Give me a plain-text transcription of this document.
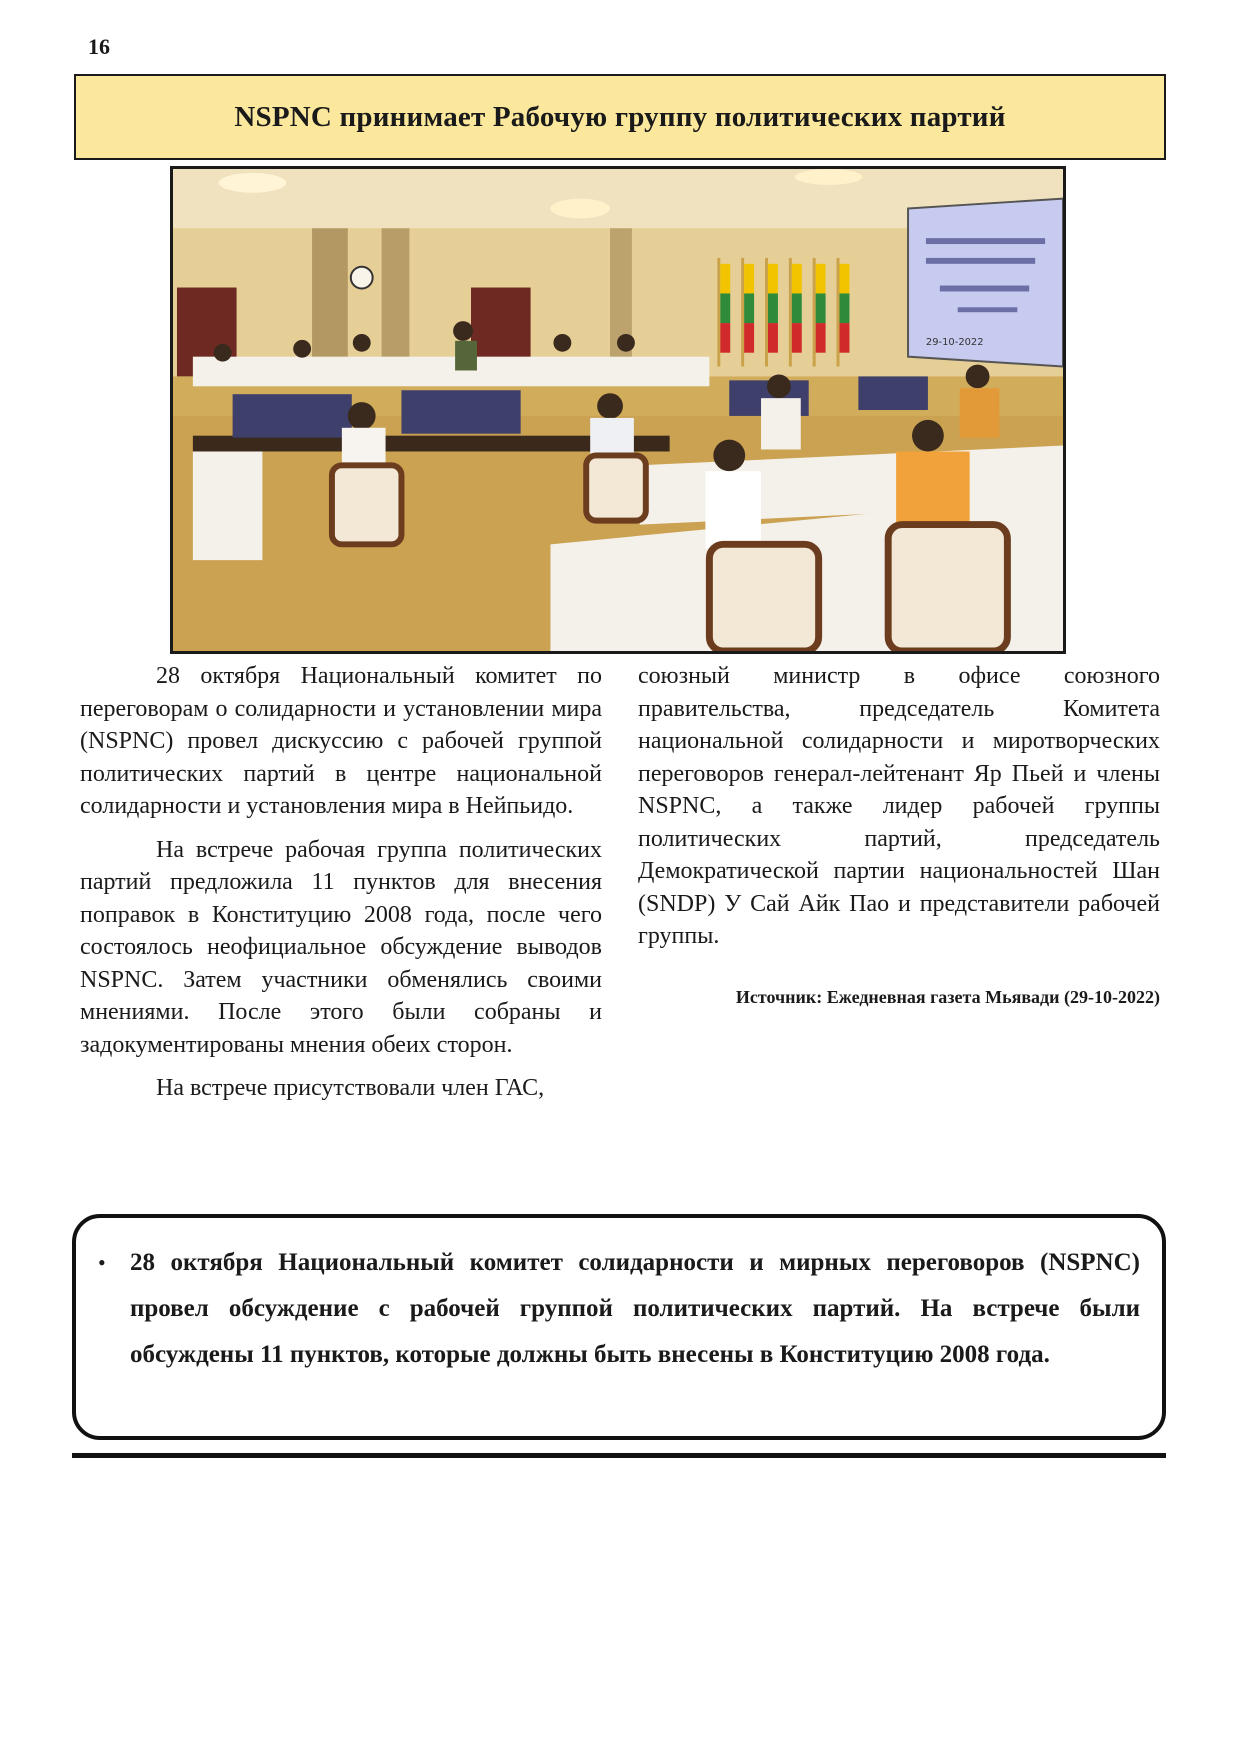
16
NSPNC принимает Рабочую группу политических партий
29-10-2022

28 октября Национальный комитет по переговорам о солидарности и установлении мира (NSPNC) провел дискуссию с рабочей группой политических партий в центре национальной солидарности и установления мира в Нейпьидо.

На встрече рабочая группа политических партий предложила 11 пунктов для внесения поправок в Конституцию 2008 года, после чего состоялось неофициальное обсуждение выводов NSPNC. Затем участники обменялись своими мнениями. После этого были собраны и задокументированы мнения обеих сторон.

На встрече присутствовали член ГАС,

союзный министр в офисе союзного правительства, председатель Комитета национальной солидарности и миротворческих переговоров генерал-лейтенант Яр Пьей и члены NSPNC, а также лидер рабочей группы политических партий, председатель Демократической партии национальностей Шан (SNDP) У Сай Айк Пао и представители рабочей группы.

Источник: Ежедневная газета Мьявади (29-10-2022)

• 28 октября Национальный комитет солидарности и мирных переговоров (NSPNC) провел обсуждение с рабочей группой политических партий. На встрече были обсуждены 11 пунктов, которые должны быть внесены в Конституцию 2008 года.
